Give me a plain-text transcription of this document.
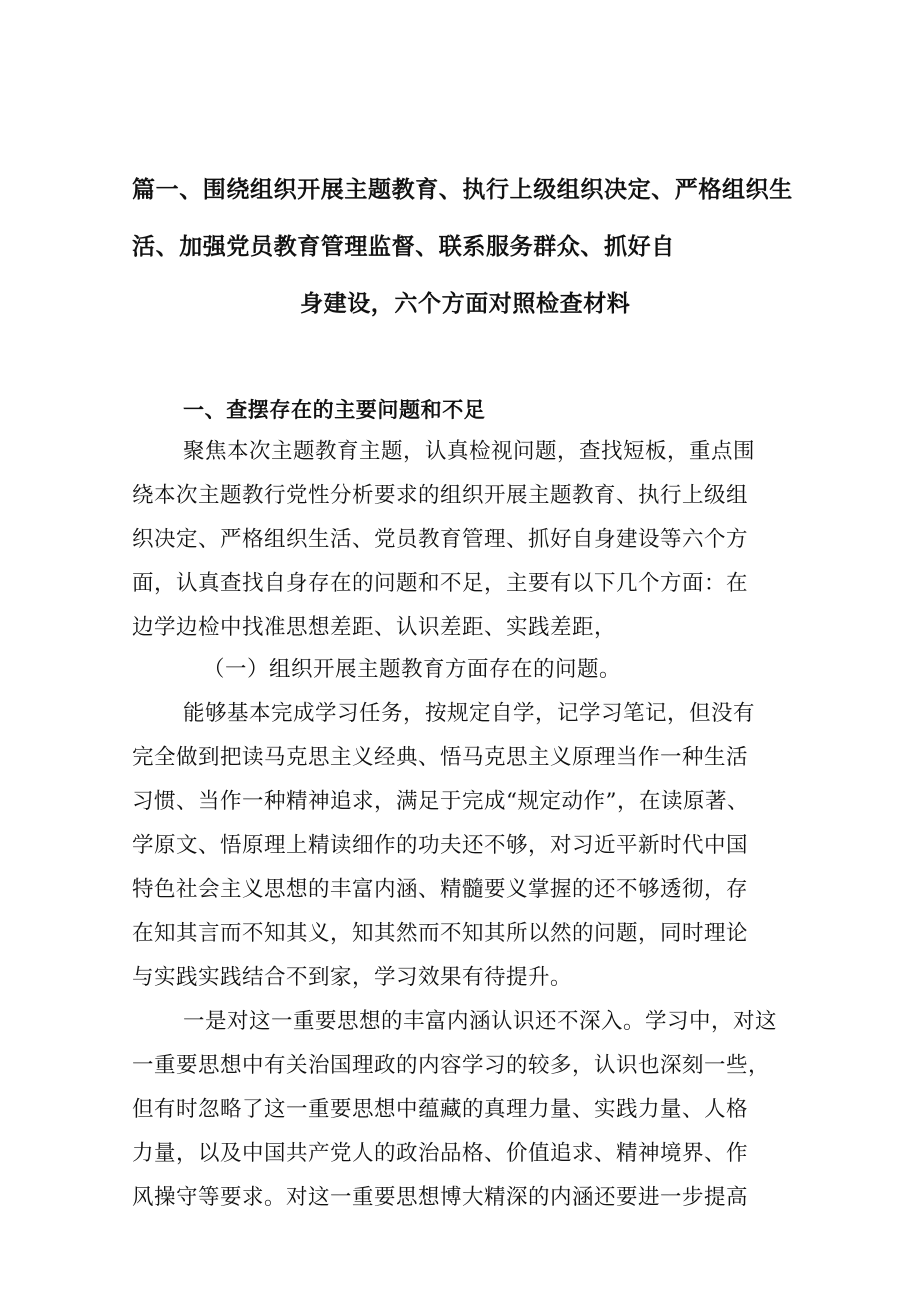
篇一、围绕组织开展主题教育、执行上级组织决定、严格组织生
活、加强党员教育管理监督、联系服务群众、抓好自
身建设，六个方面对照检查材料
一、查摆存在的主要问题和不足
聚焦本次主题教育主题，认真检视问题，查找短板，重点围
绕本次主题教行党性分析要求的组织开展主题教育、执行上级组
织决定、严格组织生活、党员教育管理、抓好自身建设等六个方
面，认真查找自身存在的问题和不足，主要有以下几个方面：在
边学边检中找准思想差距、认识差距、实践差距，
（一）组织开展主题教育方面存在的问题。
能够基本完成学习任务，按规定自学，记学习笔记，但没有
完全做到把读马克思主义经典、悟马克思主义原理当作一种生活
习惯、当作一种精神追求，满足于完成“规定动作”，在读原著、
学原文、悟原理上精读细作的功夫还不够，对习近平新时代中国
特色社会主义思想的丰富内涵、精髓要义掌握的还不够透彻，存
在知其言而不知其义，知其然而不知其所以然的问题，同时理论
与实践实践结合不到家，学习效果有待提升。
一是对这一重要思想的丰富内涵认识还不深入。学习中，对这
一重要思想中有关治国理政的内容学习的较多，认识也深刻一些，
但有时忽略了这一重要思想中蕴藏的真理力量、实践力量、人格
力量，以及中国共产党人的政治品格、价值追求、精神境界、作
风操守等要求。对这一重要思想博大精深的内涵还要进一步提高
